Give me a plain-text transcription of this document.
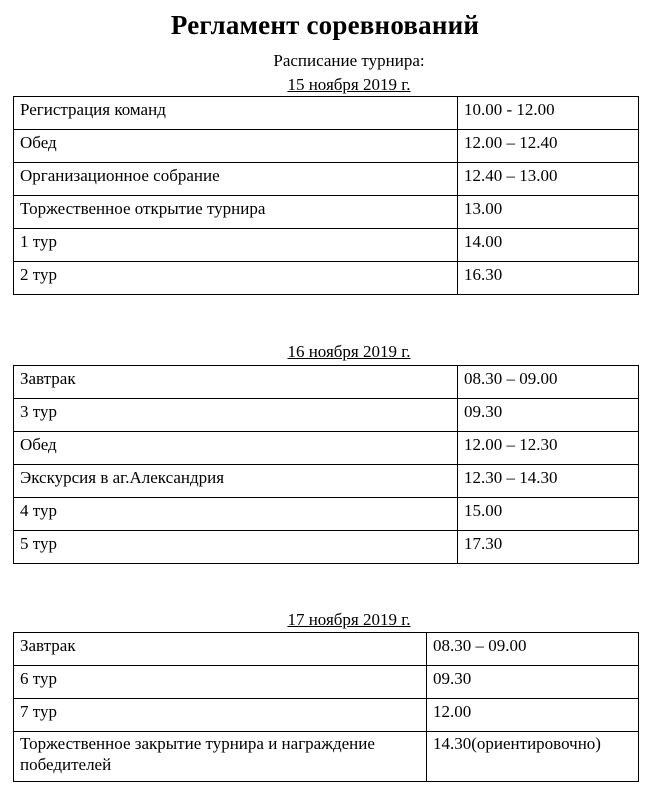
Регламент соревнований
Расписание турнира:
15 ноября 2019 г.
Регистрация команд	10.00 - 12.00
Обед	12.00 – 12.40
Организационное собрание	12.40 – 13.00
Торжественное открытие турнира	13.00
1 тур	14.00
2 тур	16.30
16 ноября 2019 г.
Завтрак	08.30 – 09.00
3 тур	09.30
Обед	12.00 – 12.30
Экскурсия в аг.Александрия	12.30 – 14.30
4 тур	15.00
5 тур	17.30
17 ноября 2019 г.
Завтрак	08.30 – 09.00
6 тур	09.30
7 тур	12.00
Торжественное закрытие турнира и награждение победителей	14.30(ориентировочно)
